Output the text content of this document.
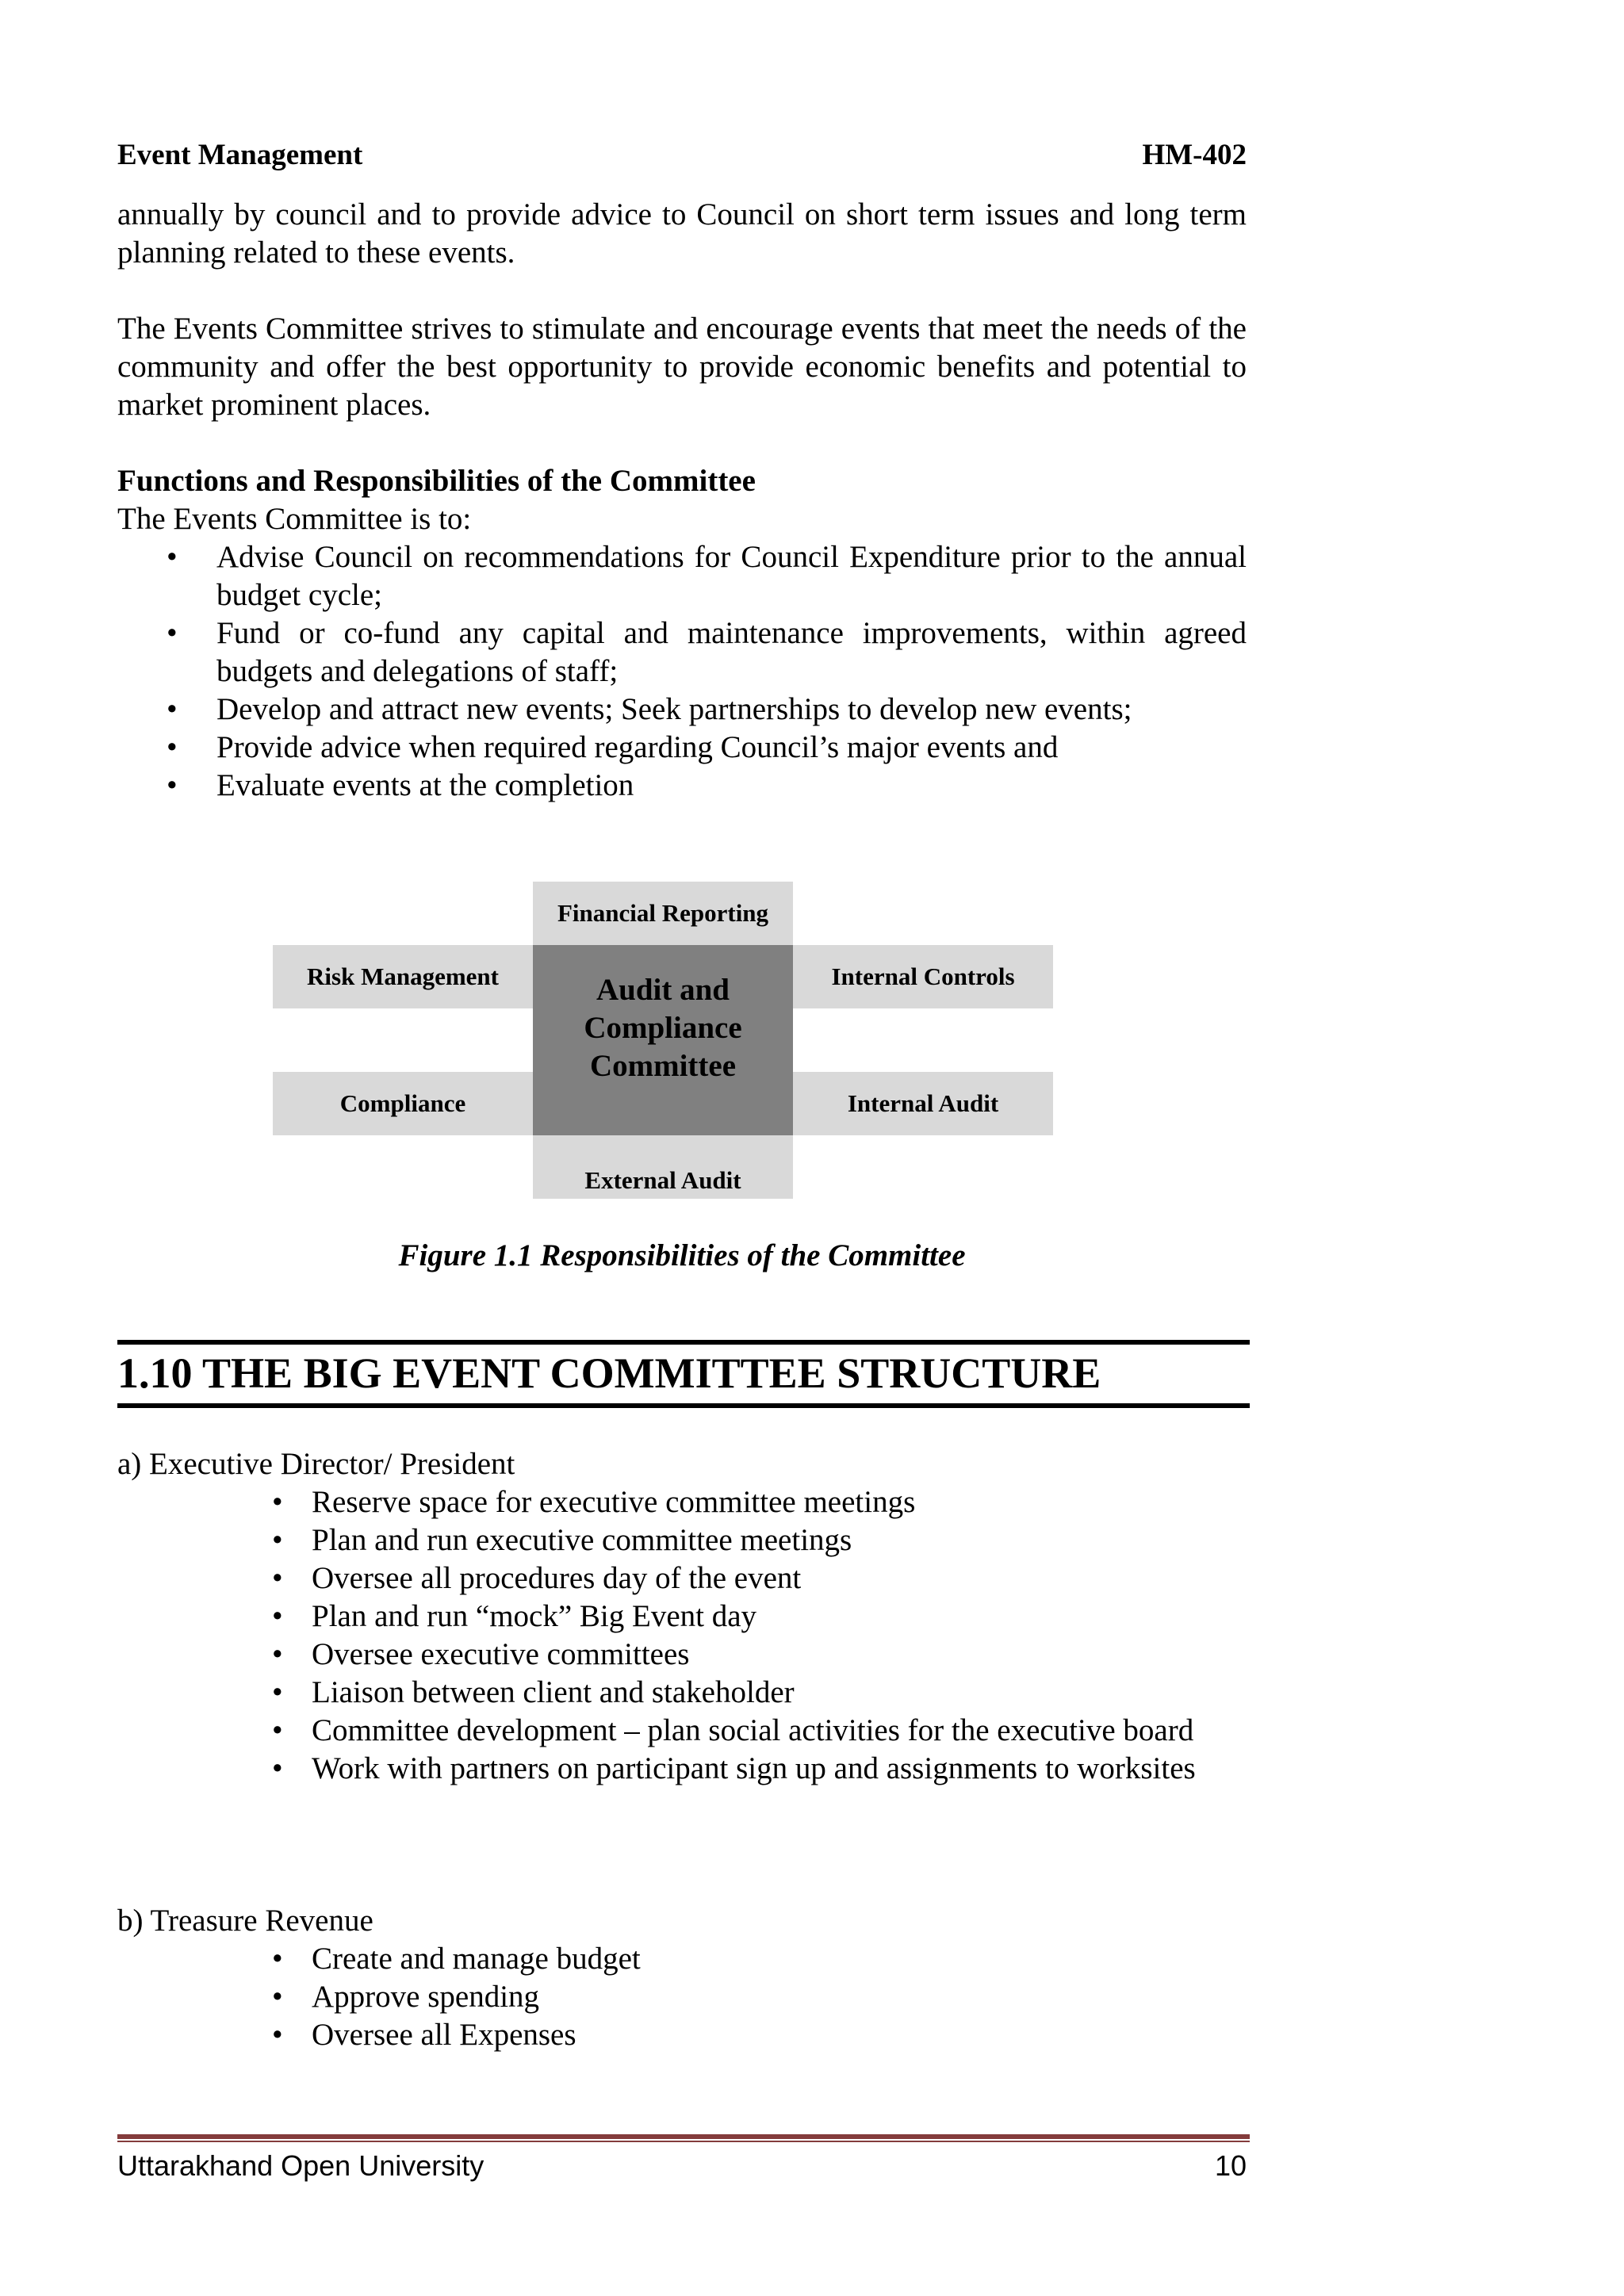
Event Management	HM-402

annually by council and to provide advice to Council on short term issues and long term planning related to these events.

The Events Committee strives to stimulate and encourage events that meet the needs of the community and offer the best opportunity to provide economic benefits and potential to market prominent places.

Functions and Responsibilities of the Committee

The Events Committee is to:

• Advise Council on recommendations for Council Expenditure prior to the annual budget cycle;
• Fund or co-fund any capital and maintenance improvements, within agreed budgets and delegations of staff;
• Develop and attract new events; Seek partnerships to develop new events;
• Provide advice when required regarding Council’s major events and
• Evaluate events at the completion
Financial Reporting
Risk Management	Internal Controls
Compliance	Internal Audit
External Audit
Audit and Compliance Committee
Figure 1.1 Responsibilities of the Committee
1.10 THE BIG EVENT COMMITTEE STRUCTURE

a) Executive Director/ President

• Reserve space for executive committee meetings
• Plan and run executive committee meetings
• Oversee all procedures day of the event
• Plan and run “mock” Big Event day
• Oversee executive committees
• Liaison between client and stakeholder
• Committee development – plan social activities for the executive board
• Work with partners on participant sign up and assignments to worksites

b) Treasure Revenue

• Create and manage budget
• Approve spending
• Oversee all Expenses
Uttarakhand Open University	10
